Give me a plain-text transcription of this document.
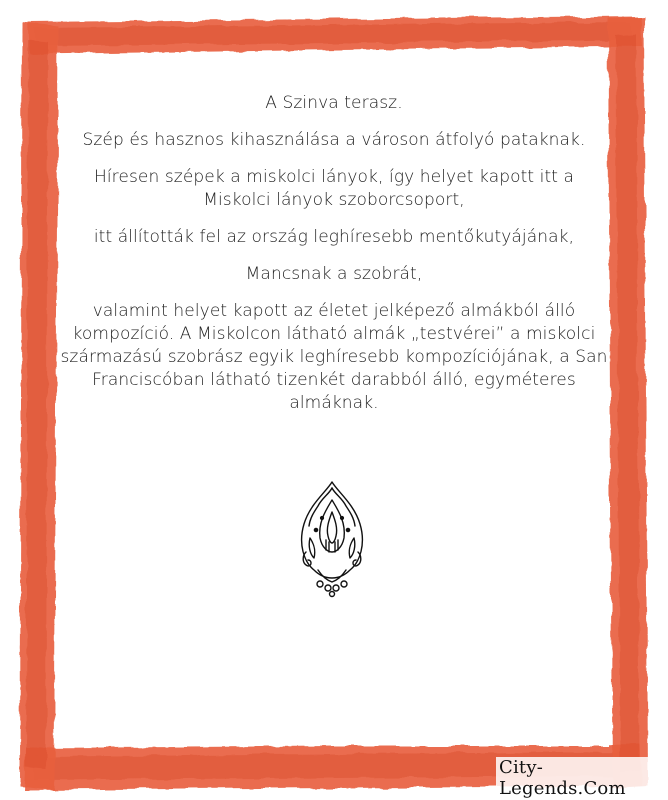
A Szinva terasz.

Szép és hasznos kihasználása a városon átfolyó pataknak.

Híresen szépek a miskolci lányok, így helyet kapott itt a Miskolci lányok szoborcsoport,

itt állították fel az ország leghíresebb mentőkutyájának,

Mancsnak a szobrát,

valamint helyet kapott az életet jelképező almákból álló kompozíció. A Miskolcon látható almák „testvérei” a miskolci származású szobrász egyik leghíresebb kompozíciójának, a San Franciscóban látható tizenkét darabból álló, egyméteres almáknak.

City-Legends.Com
